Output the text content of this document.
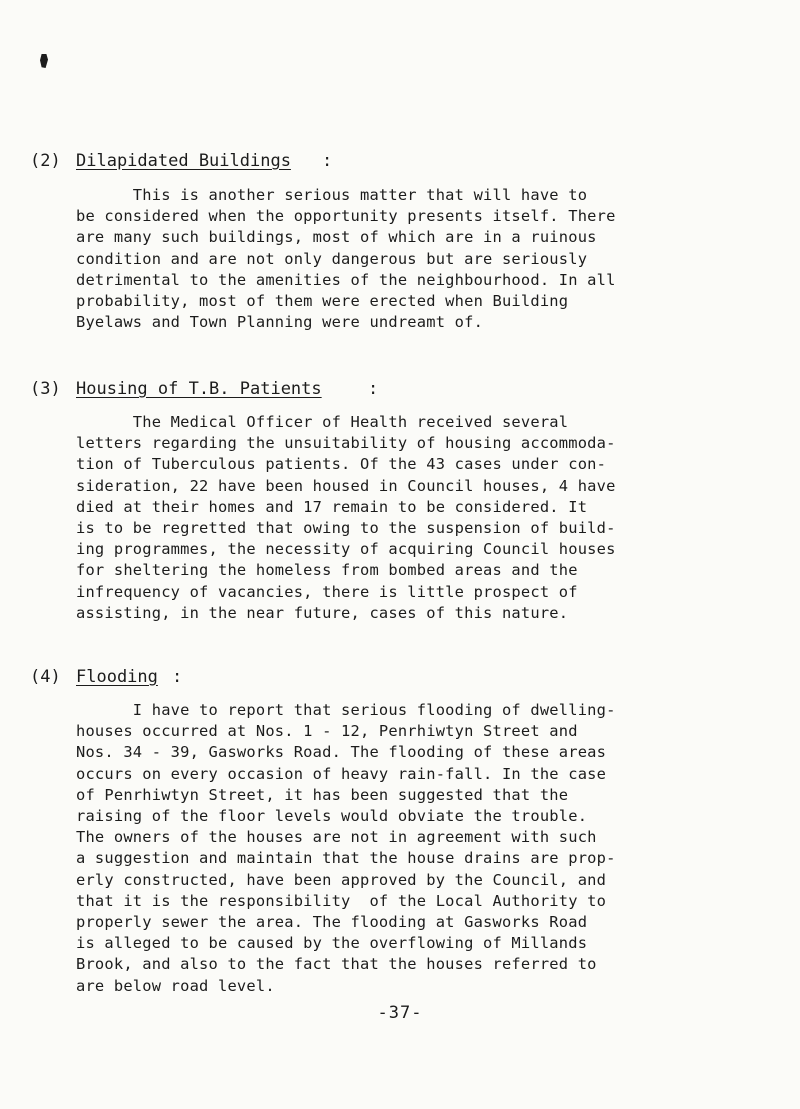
(2) Dilapidated Buildings :
This is another serious matter that will have to
be considered when the opportunity presents itself. There
are many such buildings, most of which are in a ruinous
condition and are not only dangerous but are seriously
detrimental to the amenities of the neighbourhood. In all
probability, most of them were erected when Building
Byelaws and Town Planning were undreamt of.
(3) Housing of T.B. Patients	:
The Medical Officer of Health received several
letters regarding the unsuitability of housing accommoda-
tion of Tuberculous patients. Of the 43 cases under con-
sideration, 22 have been housed in Council houses, 4 have
died at their homes and 17 remain to be considered. It
is to be regretted that owing to the suspension of build-
ing programmes, the necessity of acquiring Council houses
for sheltering the homeless from bombed areas and the
infrequency of vacancies, there is little prospect of
assisting, in the near future, cases of this nature.
(4) Flooding :
I have to report that serious flooding of dwelling-
houses occurred at Nos. 1 - 12, Penrhiwtyn Street and
Nos. 34 - 39, Gasworks Road. The flooding of these areas
occurs on every occasion of heavy rain-fall. In the case
of Penrhiwtyn Street, it has been suggested that the
raising of the floor levels would obviate the trouble.
The owners of the houses are not in agreement with such
a suggestion and maintain that the house drains are prop-
erly constructed, have been approved by the Council, and
that it is the responsibility  of the Local Authority to
properly sewer the area. The flooding at Gasworks Road
is alleged to be caused by the overflowing of Millands
Brook, and also to the fact that the houses referred to
are below road level.
-37-
